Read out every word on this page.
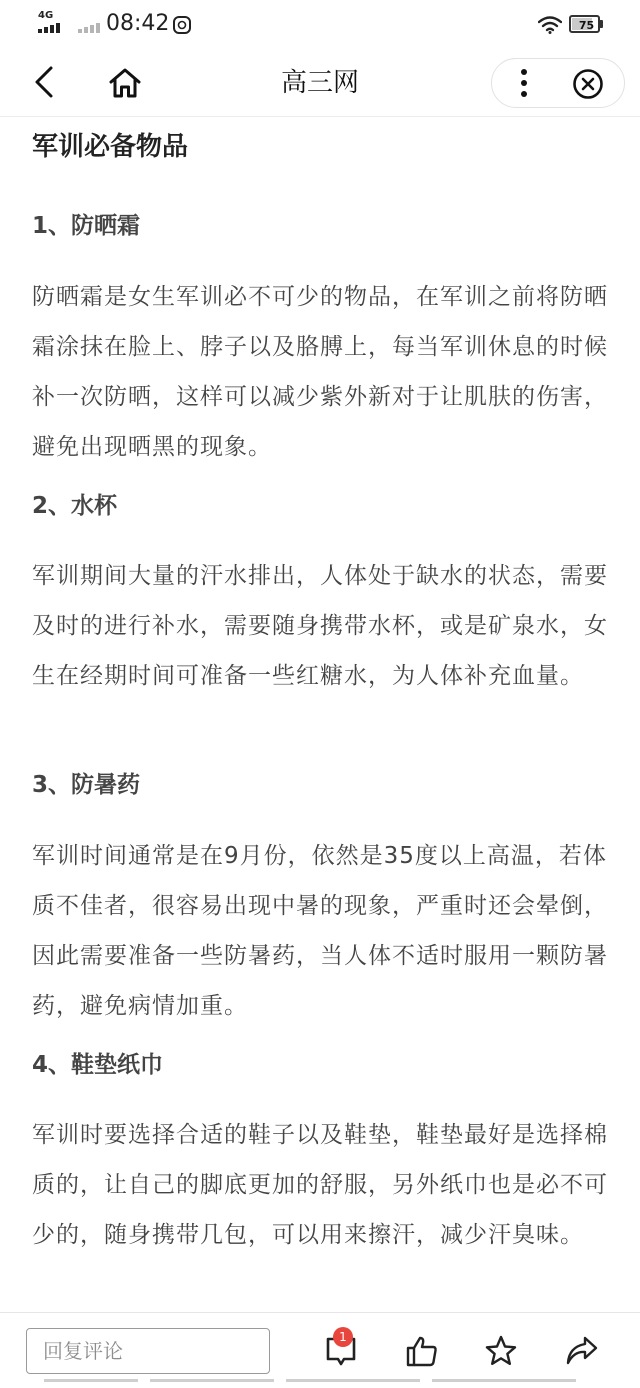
4G 08:42	75
高三网
军训必备物品
1、防晒霜

防晒霜是女生军训必不可少的物品，在军训之前将防晒霜涂抹在脸上、脖子以及胳膊上，每当军训休息的时候补一次防晒，这样可以减少紫外新对于让肌肤的伤害，避免出现晒黑的现象。

2、水杯

军训期间大量的汗水排出，人体处于缺水的状态，需要及时的进行补水，需要随身携带水杯，或是矿泉水，女生在经期时间可准备一些红糖水，为人体补充血量。

3、防暑药

军训时间通常是在9月份，依然是35度以上高温，若体质不佳者，很容易出现中暑的现象，严重时还会晕倒，因此需要准备一些防暑药，当人体不适时服用一颗防暑药，避免病情加重。

4、鞋垫纸巾

军训时要选择合适的鞋子以及鞋垫，鞋垫最好是选择棉质的，让自己的脚底更加的舒服，另外纸巾也是必不可少的，随身携带几包，可以用来擦汗，减少汗臭味。

回复评论
1
